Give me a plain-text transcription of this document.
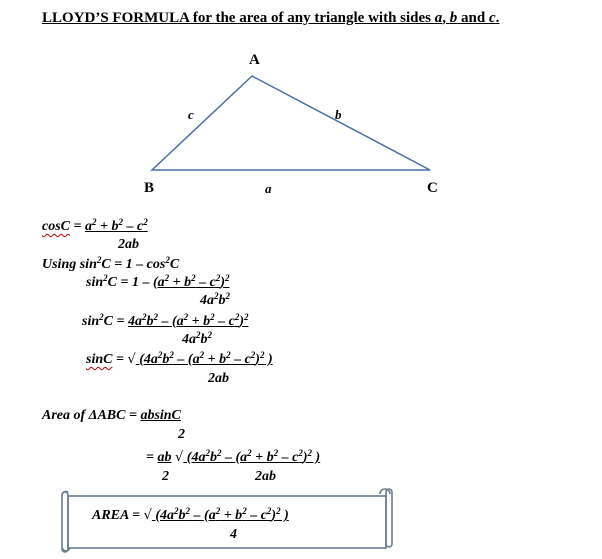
LLOYD’S FORMULA for the area of any triangle with sides a, b and c.
A
B	C
c	b
a
$\cos C = a^2 + b^2 - c^2$
2ab
Using $\sin^2C = 1 - \cos^2C$
$\sin^2C = 1 - (a^2 + b^2 - c^2)^2$
$4a^2b^2$
$\sin^2C = 4a^2b^2 - (a^2 + b^2 - c^2)^2$
$4a^2b^2$
sinC = √ ($4a^2b^2 - (a^2 + b^2 - c^2)^2$ )
2ab
Area of ΔABC = absinC
2
= ab √ ($4a^2b^2 - (a^2 + b^2 - c^2)^2$ )
2	2ab
AREA = √ ($4a^2b^2 - (a^2 + b^2 - c^2)^2$ )
4
